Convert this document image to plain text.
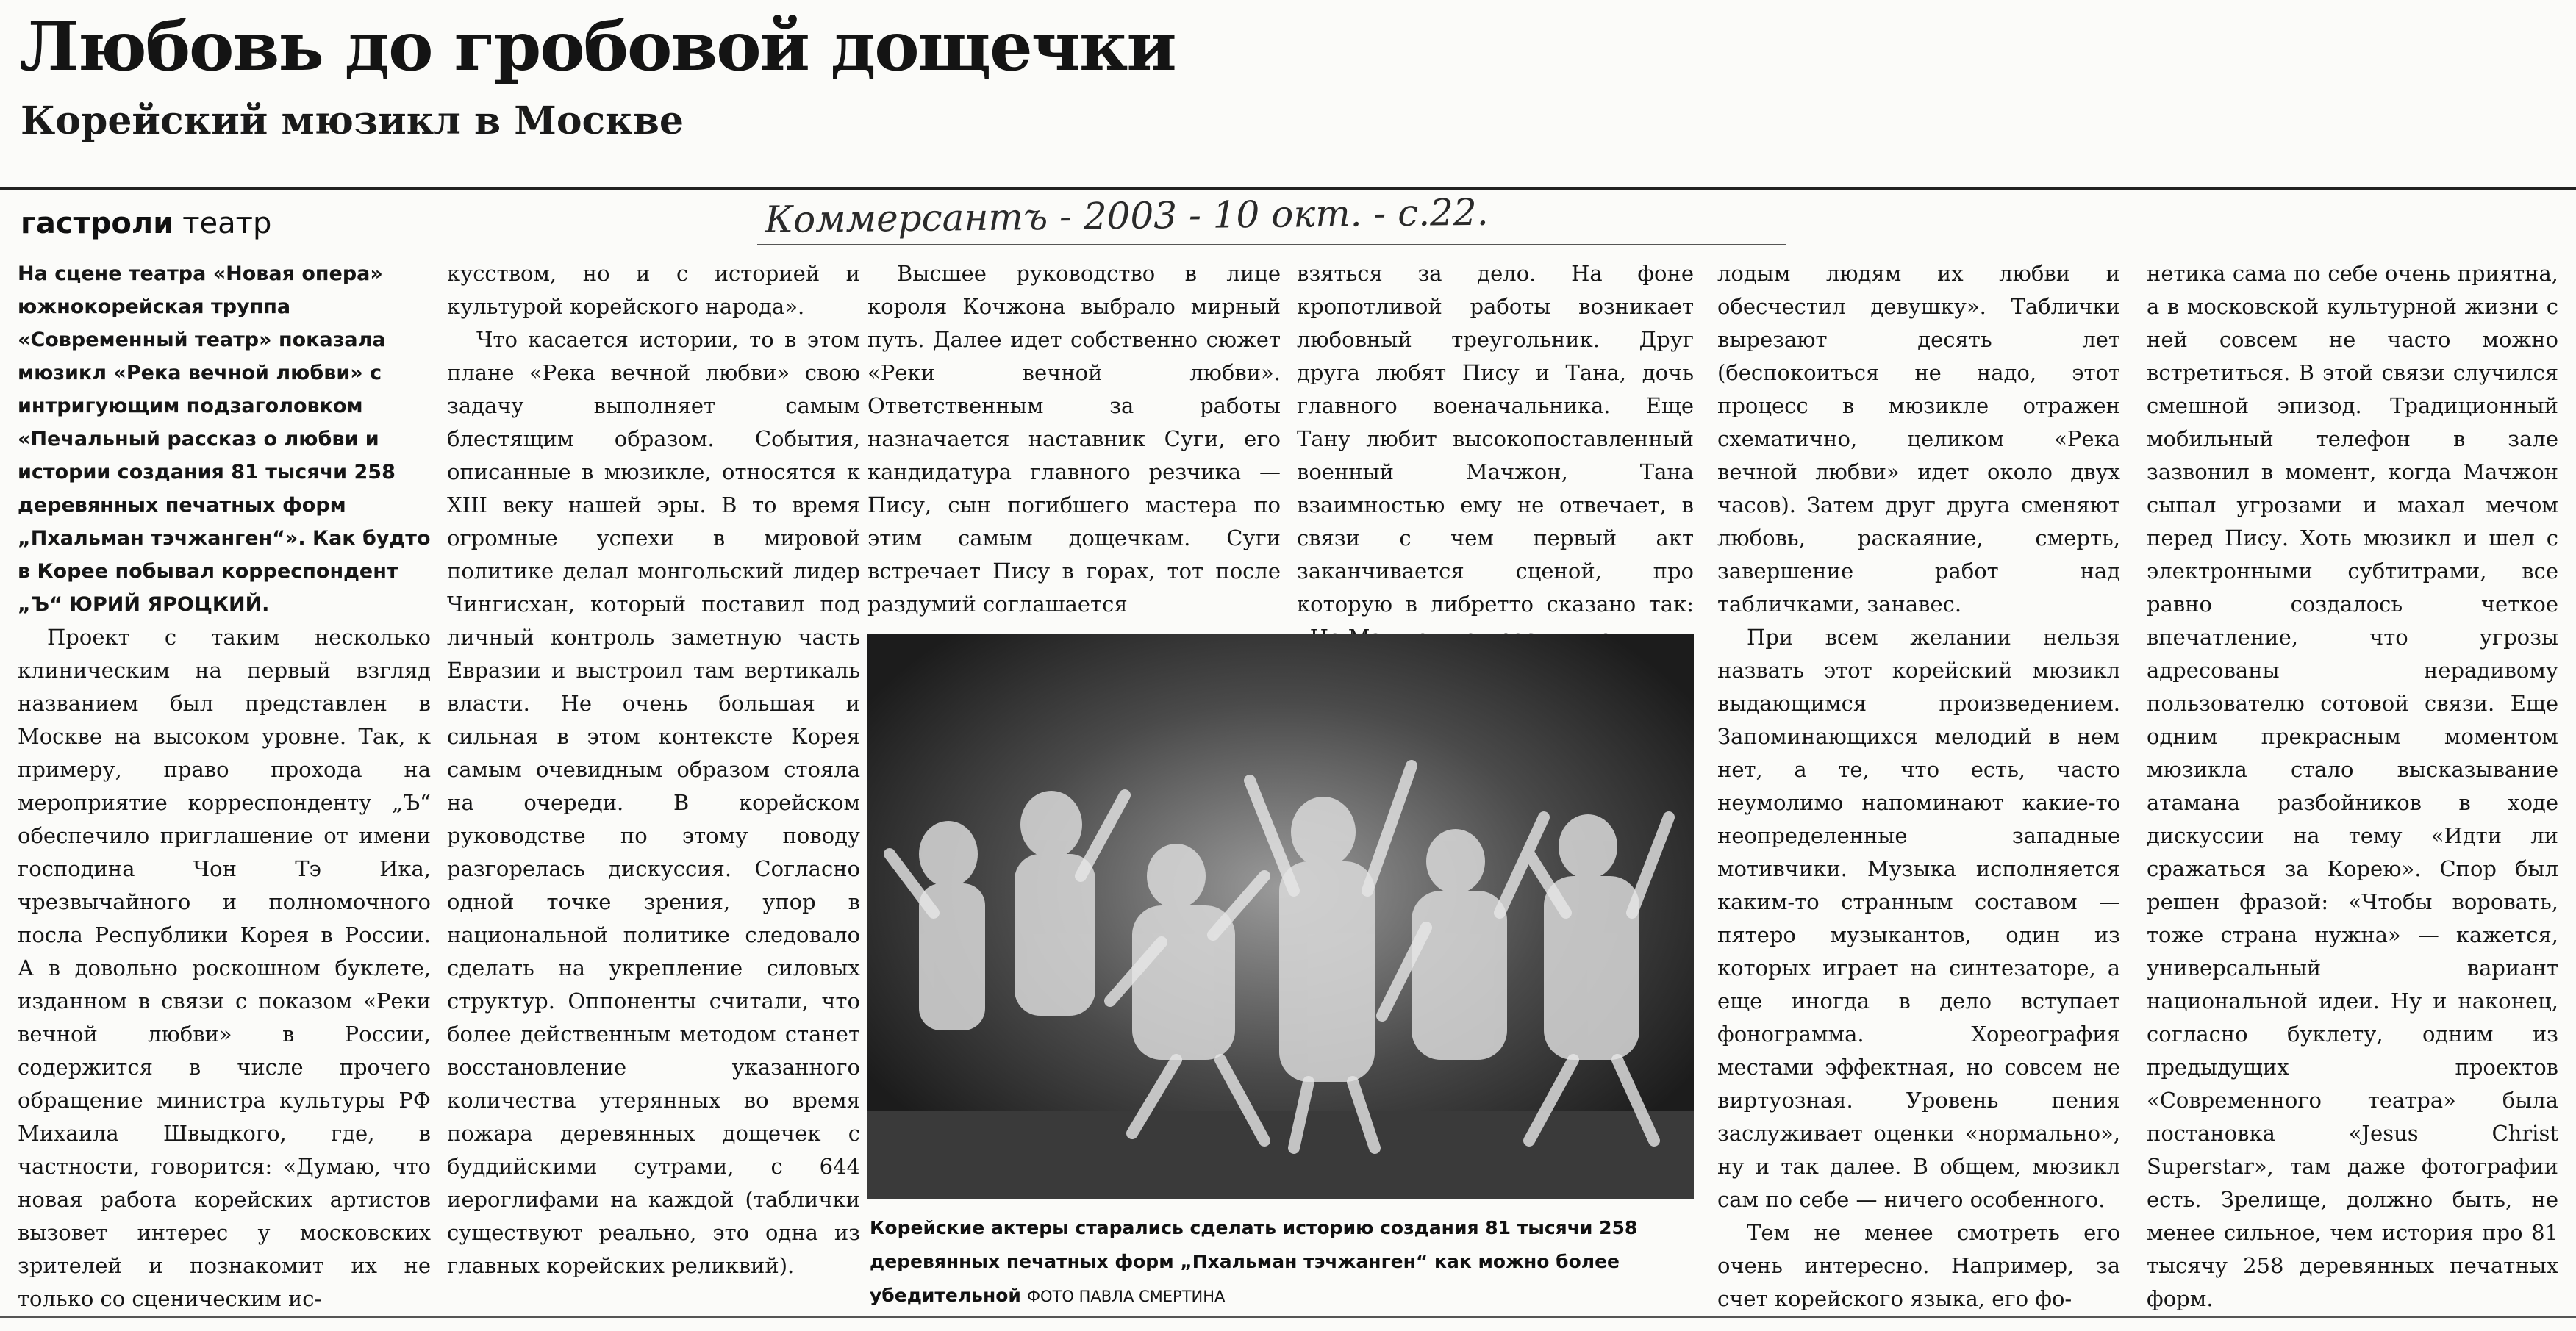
Любовь до гробовой дощечки
Корейский мюзикл в Москве
гастроли театр	Коммерсантъ - 2003 - 10 окт. - с.22.

На сцене театра «Новая опера» южнокорейская труппа «Современный театр» показала мюзикл «Река вечной любви» с интригующим подзаголовком «Печальный рассказ о любви и истории создания 81 тысячи 258 деревянных печатных форм „Пхальман тэчжанген“». Как будто в Корее побывал корреспондент „Ъ“ ЮРИЙ ЯРОЦКИЙ.

Проект с таким несколько клиническим на первый взгляд названием был представлен в Москве на высоком уровне. Так, к примеру, право прохода на мероприятие корреспонденту „Ъ“ обеспечило приглашение от имени господина Чон Тэ Ика, чрезвычайного и полномочного посла Республики Корея в России. А в довольно роскошном буклете, изданном в связи с показом «Реки вечной любви» в России, содержится в числе прочего обращение министра культуры РФ Михаила Швыдкого, где, в частности, говорится: «Думаю, что новая работа корейских артистов вызовет интерес у московских зрителей и познакомит их не только со сценическим ис-

кусством, но и с историей и культурой корейского народа».

Что касается истории, то в этом плане «Река вечной любви» свою задачу выполняет самым блестящим образом. События, описанные в мюзикле, относятся к XIII веку нашей эры. В то время огромные успехи в мировой политике делал монгольский лидер Чингисхан, который поставил под личный контроль заметную часть Евразии и выстроил там вертикаль власти. Не очень большая и сильная в этом контексте Корея самым очевидным образом стояла на очереди. В корейском руководстве по этому поводу разгорелась дискуссия. Согласно одной точке зрения, упор в национальной политике следовало сделать на укрепление силовых структур. Оппоненты считали, что более действенным методом станет восстановление указанного количества утерянных во время пожара деревянных дощечек с буддийскими сутрами, с 644 иероглифами на каждой (таблички существуют реально, это одна из главных корейских реликвий).

Высшее руководство в лице короля Кочжона выбрало мирный путь. Далее идет собственно сюжет «Реки вечной любви». Ответственным за работы назначается наставник Суги, его кандидатура главного резчика — Пису, сын погибшего мастера по этим самым дощечкам. Суги встречает Пису в горах, тот после раздумий соглашается

взяться за дело. На фоне кропотливой работы возникает любовный треугольник. Друг друга любят Пису и Тана, дочь главного военачальника. Еще Тану любит высокопоставленный военный Мачжон, Тана взаимностью ему не отвечает, в связи с чем первый акт заканчивается сценой, про которую в либретто сказано так:

лодым людям их любви и обесчестил девушку». Таблички вырезают десять лет (беспокоиться не надо, этот процесс в мюзикле отражен схематично, целиком «Река вечной любви» идет около двух часов). Затем друг друга сменяют любовь, раскаяние, смерть, завершение работ над табличками, занавес.

При всем желании нельзя назвать этот корейский мюзикл выдающимся произведением. Запоминающихся мелодий в нем нет, а те, что есть, часто неумолимо напоминают какие-то неопределенные западные мотивчики. Музыка исполняется каким-то странным составом — пятеро музыкантов, один из которых играет на синтезаторе, а еще иногда в дело вступает фонограмма. Хореография местами эффектная, но совсем не виртуозная. Уровень пения заслуживает оценки «нормально», ну и так далее. В общем, мюзикл сам по себе — ничего особенного.

Тем не менее смотреть его очень интересно. Например, за счет корейского языка, его фо-

нетика сама по себе очень приятна, а в московской культурной жизни с ней совсем не часто можно встретиться. В этой связи случился смешной эпизод. Традиционный мобильный телефон в зале зазвонил в момент, когда Мачжон сыпал угрозами и махал мечом перед Пису. Хоть мюзикл и шел с электронными субтитрами, все равно создалось четкое впечатление, что угрозы адресованы нерадивому пользователю сотовой связи. Еще одним прекрасным моментом мюзикла стало высказывание атамана разбойников в ходе дискуссии на тему «Идти ли сражаться за Корею». Спор был решен фразой: «Чтобы воровать, тоже страна нужна» — кажется, универсальный вариант национальной идеи. Ну и наконец, согласно буклету, одним из предыдущих проектов «Современного театра» была постановка «Jesus Christ Superstar», там даже фотографии есть. Зрелище, должно быть, не менее сильное, чем история про 81 тысячу 258 деревянных печатных форм.

Корейские актеры старались сделать историю создания 81 тысячи 258 деревянных печатных форм „Пхальман тэчжанген“ как можно более убедительной ФОТО ПАВЛА СМЕРТИНА
